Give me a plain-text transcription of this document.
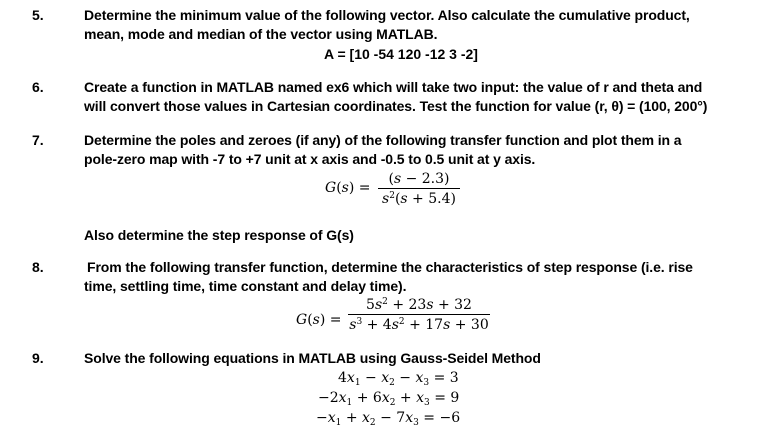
5.	Determine the minimum value of the following vector. Also calculate the cumulative product,
mean, mode and median of the vector using MATLAB.
A = [10 -54 120 -12 3 -2]
6.	Create a function in MATLAB named ex6 which will take two input: the value of r and theta and
will convert those values in Cartesian coordinates. Test the function for value (r, θ) = (100, 200°)
7.	Determine the poles and zeroes (if any) of the following transfer function and plot them in a
pole-zero map with -7 to +7 unit at x axis and -0.5 to 0.5 unit at y axis.
G(s) =
(s − 2.3)
$s^2(s + 5.4)$
Also determine the step response of G(s)
8.	From the following transfer function, determine the characteristics of step response (i.e. rise
time, settling time, time constant and delay time).
G(s) =
$5s^2 + 23s + 32$
$s^3 + 4s^2 + 17s + 30$
9.	Solve the following equations in MATLAB using Gauss-Seidel Method
$4x_1 - x_2 - x_3 = 3$
$-2x_1 + 6x_2 + x_3 = 9$
$-x_1 + x_2 - 7x_3 = -6$
